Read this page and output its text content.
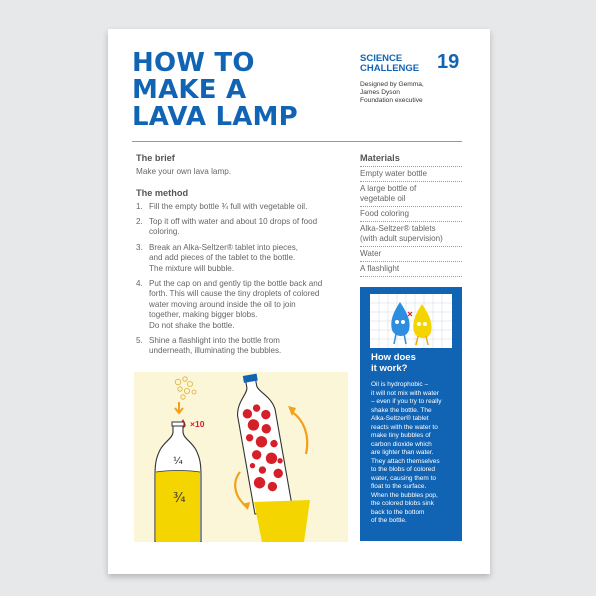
HOW TO
MAKE A
LAVA LAMP
SCIENCE
CHALLENGE 19
Designed by Gemma,
James Dyson
Foundation executive
The brief
Make your own lava lamp.
The method
1. Fill the empty bottle ¾ full with vegetable oil.
2. Top it off with water and about 10 drops of food
coloring.
3. Break an Alka-Seltzer® tablet into pieces,
and add pieces of the tablet to the bottle.
The mixture will bubble.
4. Put the cap on and gently tip the bottle back and
forth. This will cause the tiny droplets of colored
water moving around inside the oil to join
together, making bigger blobs.
Do not shake the bottle.
5. Shine a flashlight into the bottle from
underneath, illuminating the bubbles.
×10
¼
¾
Materials
Empty water bottle
A large bottle of
vegetable oil
Food coloring
Alka-Seltzer® tablets
(with adult supervision)
Water
A flashlight
How does
it work?
Oil is hydrophobic –
it will not mix with water
– even if you try to really
shake the bottle. The
Alka-Seltzer® tablet
reacts with the water to
make tiny bubbles of
carbon dioxide which
are lighter than water.
They attach themselves
to the blobs of colored
water, causing them to
float to the surface.
When the bubbles pop,
the colored blobs sink
back to the bottom
of the bottle.
